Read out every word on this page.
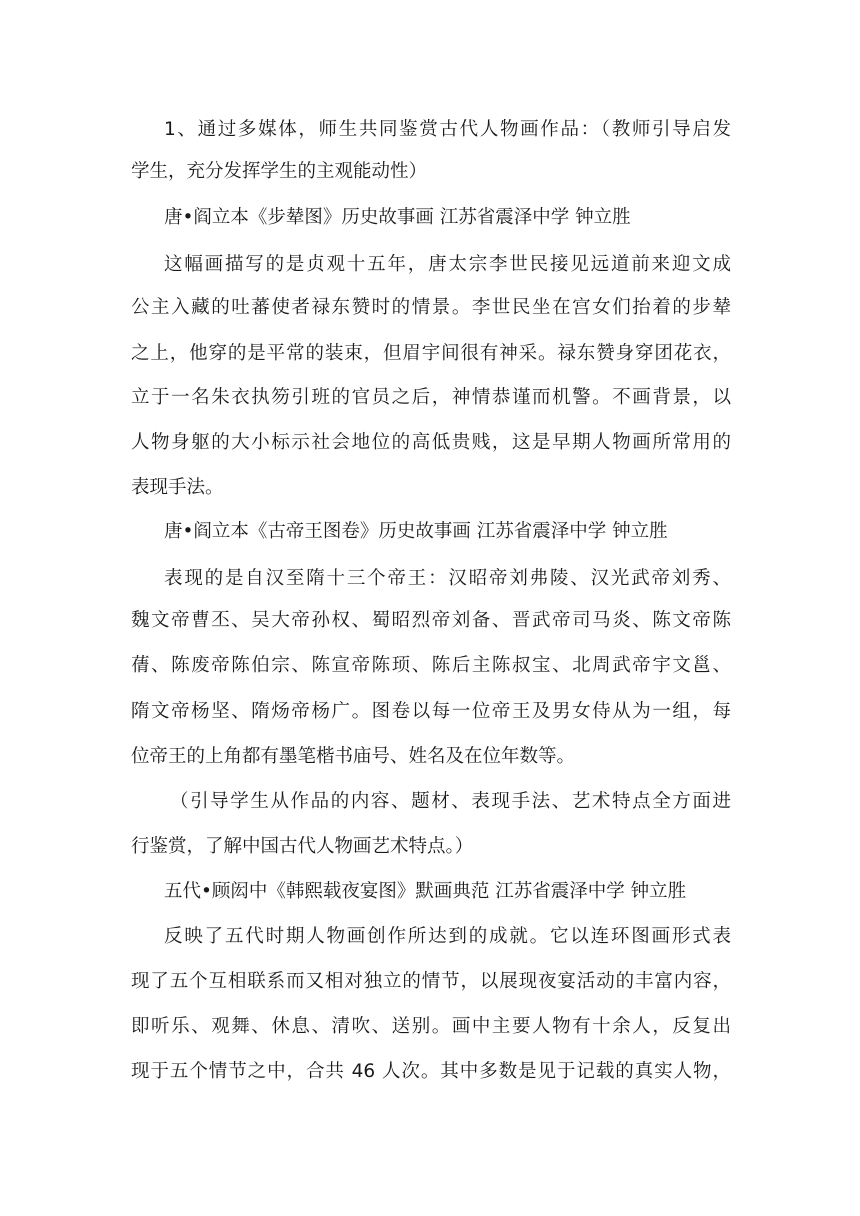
1、通过多媒体，师生共同鉴赏古代人物画作品：（教师引导启发
学生，充分发挥学生的主观能动性）
唐•阎立本《步辇图》历史故事画 江苏省震泽中学 钟立胜
这幅画描写的是贞观十五年，唐太宗李世民接见远道前来迎文成
公主入藏的吐蕃使者禄东赞时的情景。李世民坐在宫女们抬着的步辇
之上，他穿的是平常的装束，但眉宇间很有神采。禄东赞身穿团花衣，
立于一名朱衣执笏引班的官员之后，神情恭谨而机警。不画背景，以
人物身躯的大小标示社会地位的高低贵贱，这是早期人物画所常用的
表现手法。
唐•阎立本《古帝王图卷》历史故事画 江苏省震泽中学 钟立胜
表现的是自汉至隋十三个帝王：汉昭帝刘弗陵、汉光武帝刘秀、
魏文帝曹丕、吴大帝孙权、蜀昭烈帝刘备、晋武帝司马炎、陈文帝陈
蒨、陈废帝陈伯宗、陈宣帝陈顼、陈后主陈叔宝、北周武帝宇文邕、
隋文帝杨坚、隋炀帝杨广。图卷以每一位帝王及男女侍从为一组，每
位帝王的上角都有墨笔楷书庙号、姓名及在位年数等。
（引导学生从作品的内容、题材、表现手法、艺术特点全方面进
行鉴赏，了解中国古代人物画艺术特点。）
五代•顾闳中《韩熙载夜宴图》默画典范 江苏省震泽中学 钟立胜
反映了五代时期人物画创作所达到的成就。它以连环图画形式表
现了五个互相联系而又相对独立的情节，以展现夜宴活动的丰富内容，
即听乐、观舞、休息、清吹、送别。画中主要人物有十余人，反复出
现于五个情节之中，合共 46 人次。其中多数是见于记载的真实人物，
